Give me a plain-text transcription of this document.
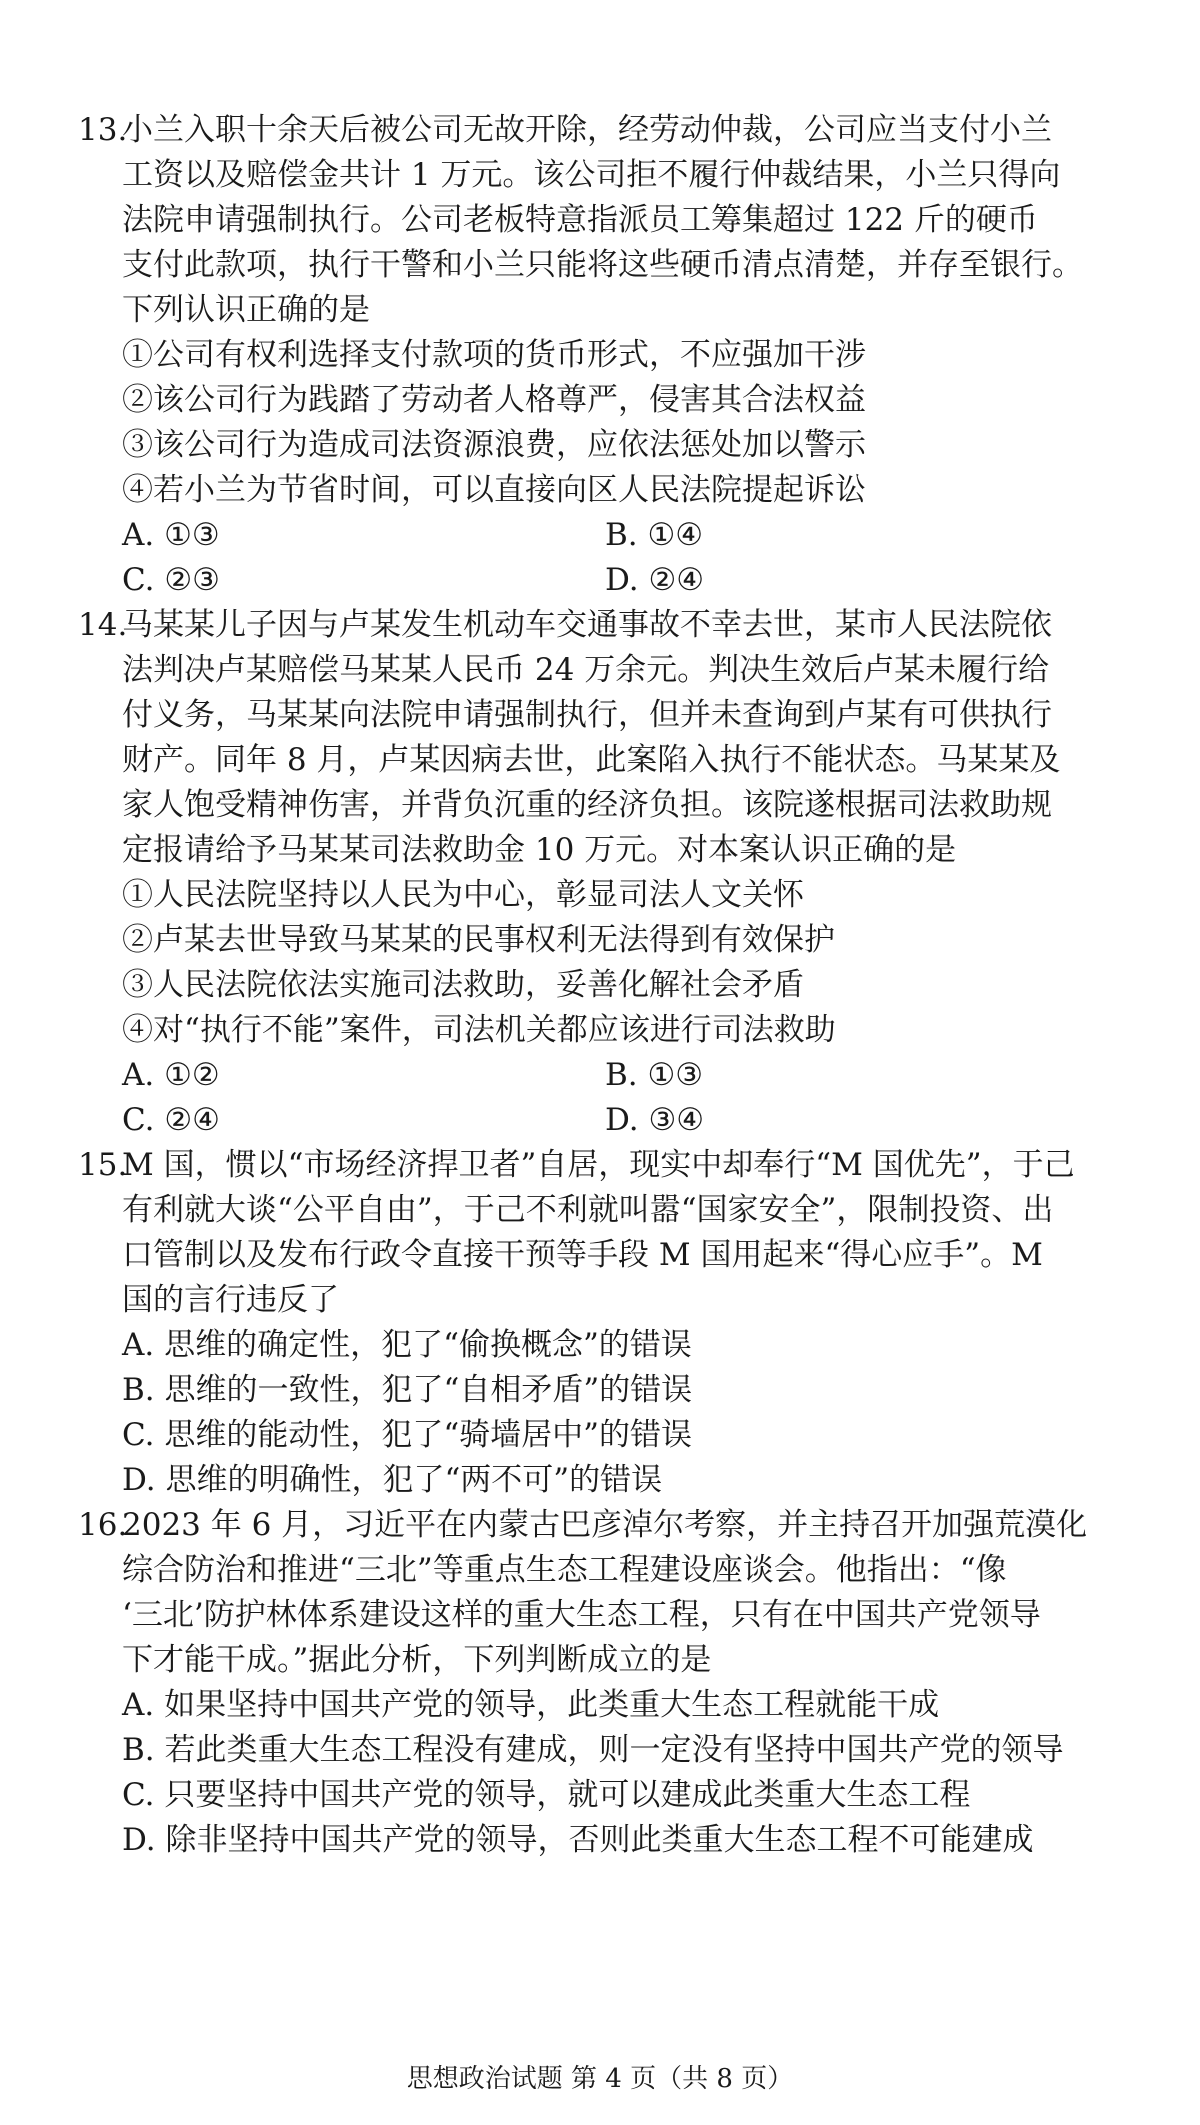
13.
小兰入职十余天后被公司无故开除，经劳动仲裁，公司应当支付小兰
工资以及赔偿金共计 1 万元。该公司拒不履行仲裁结果，小兰只得向
法院申请强制执行。公司老板特意指派员工筹集超过 122 斤的硬币
支付此款项，执行干警和小兰只能将这些硬币清点清楚，并存至银行。
下列认识正确的是
①公司有权利选择支付款项的货币形式，不应强加干涉
②该公司行为践踏了劳动者人格尊严，侵害其合法权益
③该公司行为造成司法资源浪费，应依法惩处加以警示
④若小兰为节省时间，可以直接向区人民法院提起诉讼
A. ①③	B. ①④
C. ②③	D. ②④
14.
马某某儿子因与卢某发生机动车交通事故不幸去世，某市人民法院依
法判决卢某赔偿马某某人民币 24 万余元。判决生效后卢某未履行给
付义务，马某某向法院申请强制执行，但并未查询到卢某有可供执行
财产。同年 8 月，卢某因病去世，此案陷入执行不能状态。马某某及
家人饱受精神伤害，并背负沉重的经济负担。该院遂根据司法救助规
定报请给予马某某司法救助金 10 万元。对本案认识正确的是
①人民法院坚持以人民为中心，彰显司法人文关怀
②卢某去世导致马某某的民事权利无法得到有效保护
③人民法院依法实施司法救助，妥善化解社会矛盾
④对“执行不能”案件，司法机关都应该进行司法救助
A. ①②	B. ①③
C. ②④	D. ③④
15.
M 国，惯以“市场经济捍卫者”自居，现实中却奉行“M 国优先”，于己
有利就大谈“公平自由”，于己不利就叫嚣“国家安全”，限制投资、出
口管制以及发布行政令直接干预等手段 M 国用起来“得心应手”。M
国的言行违反了
A. 思维的确定性，犯了“偷换概念”的错误
B. 思维的一致性，犯了“自相矛盾”的错误
C. 思维的能动性，犯了“骑墙居中”的错误
D. 思维的明确性，犯了“两不可”的错误
16.
2023 年 6 月，习近平在内蒙古巴彦淖尔考察，并主持召开加强荒漠化
综合防治和推进“三北”等重点生态工程建设座谈会。他指出：“像
‘三北’防护林体系建设这样的重大生态工程，只有在中国共产党领导
下才能干成。”据此分析，下列判断成立的是
A. 如果坚持中国共产党的领导，此类重大生态工程就能干成
B. 若此类重大生态工程没有建成，则一定没有坚持中国共产党的领导
C. 只要坚持中国共产党的领导，就可以建成此类重大生态工程
D. 除非坚持中国共产党的领导，否则此类重大生态工程不可能建成
思想政治试题 第 4 页（共 8 页）
